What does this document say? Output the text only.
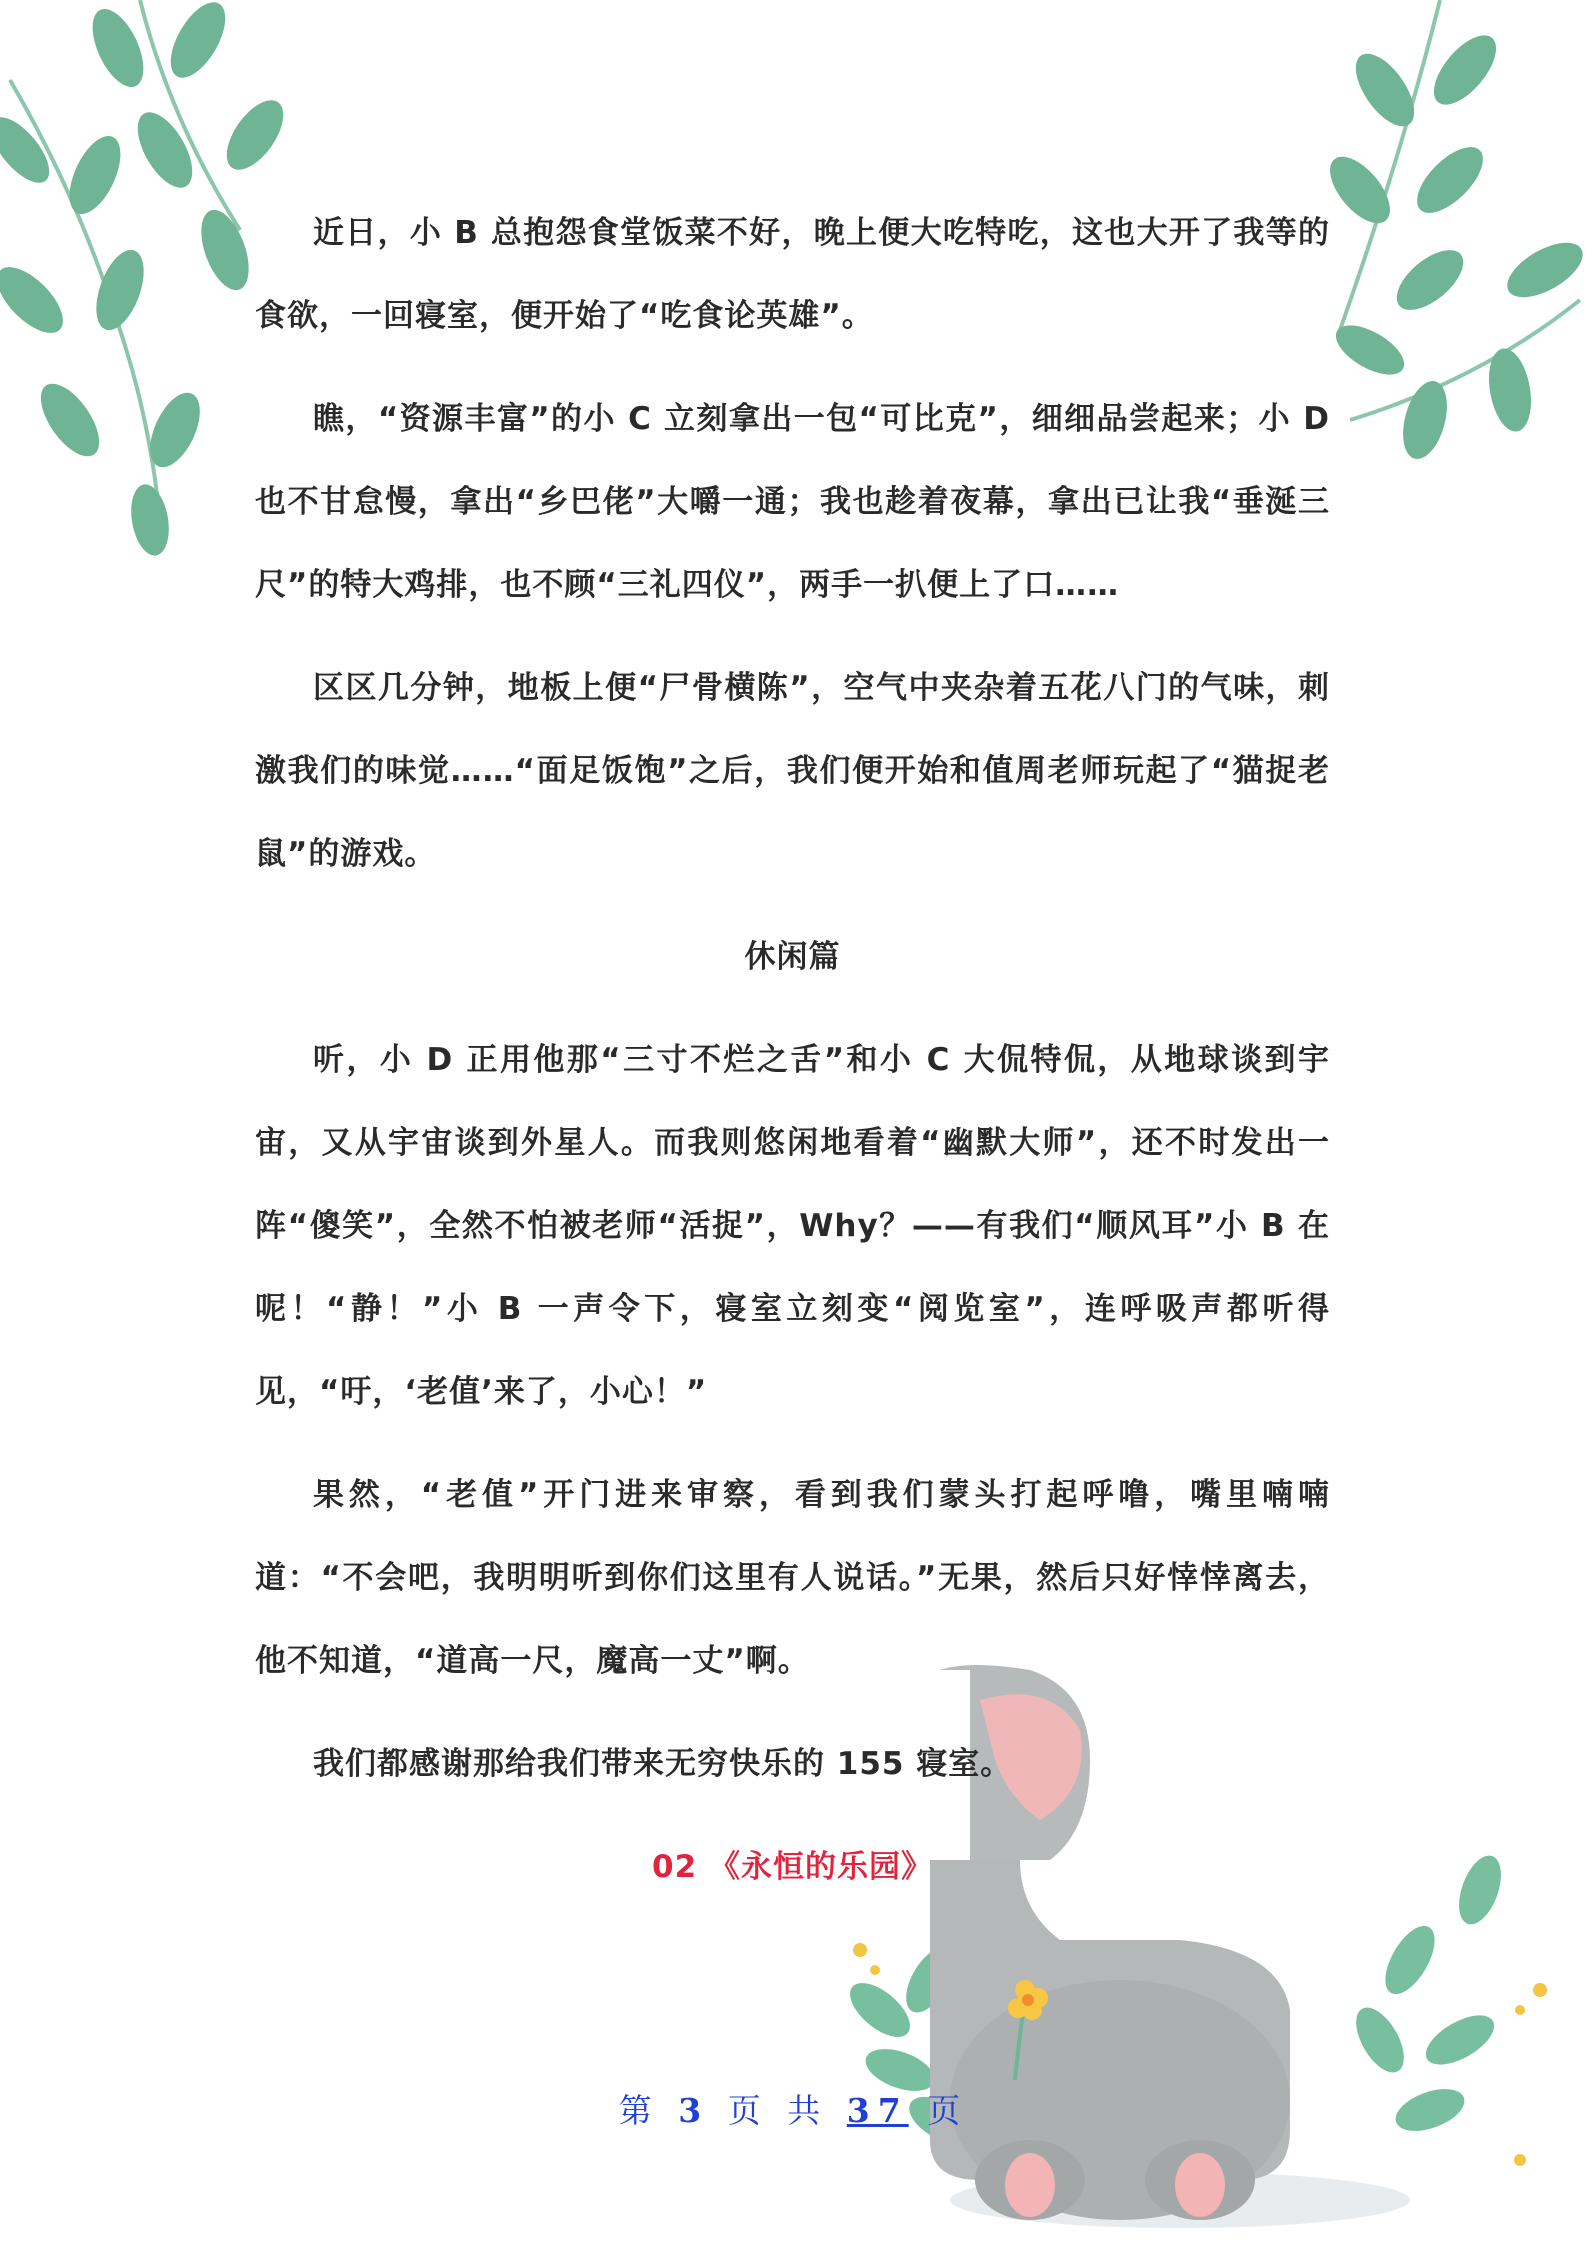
近日，小 B 总抱怨食堂饭菜不好，晚上便大吃特吃，这也大开了我等的食欲，一回寝室，便开始了“吃食论英雄”。

瞧，“资源丰富”的小 C 立刻拿出一包“可比克”，细细品尝起来；小 D 也不甘怠慢，拿出“乡巴佬”大嚼一通；我也趁着夜幕，拿出已让我“垂涎三尺”的特大鸡排，也不顾“三礼四仪”，两手一扒便上了口……

区区几分钟，地板上便“尸骨横陈”，空气中夹杂着五花八门的气味，刺激我们的味觉……“面足饭饱”之后，我们便开始和值周老师玩起了“猫捉老鼠”的游戏。

休闲篇

听，小 D 正用他那“三寸不烂之舌”和小 C 大侃特侃，从地球谈到宇宙，又从宇宙谈到外星人。而我则悠闲地看着“幽默大师”，还不时发出一阵“傻笑”，全然不怕被老师“活捉”，Why？——有我们“顺风耳”小 B 在呢！“静！”小 B 一声令下，寝室立刻变“阅览室”，连呼吸声都听得见，“吁，‘老值’来了，小心！”

果然，“老值”开门进来审察，看到我们蒙头打起呼噜，嘴里喃喃道：“不会吧，我明明听到你们这里有人说话。”无果，然后只好悻悻离去，他不知道，“道高一尺，魔高一丈”啊。

我们都感谢那给我们带来无穷快乐的 155 寝室。

02 《永恒的乐园》
第 3 页 共 37 页
